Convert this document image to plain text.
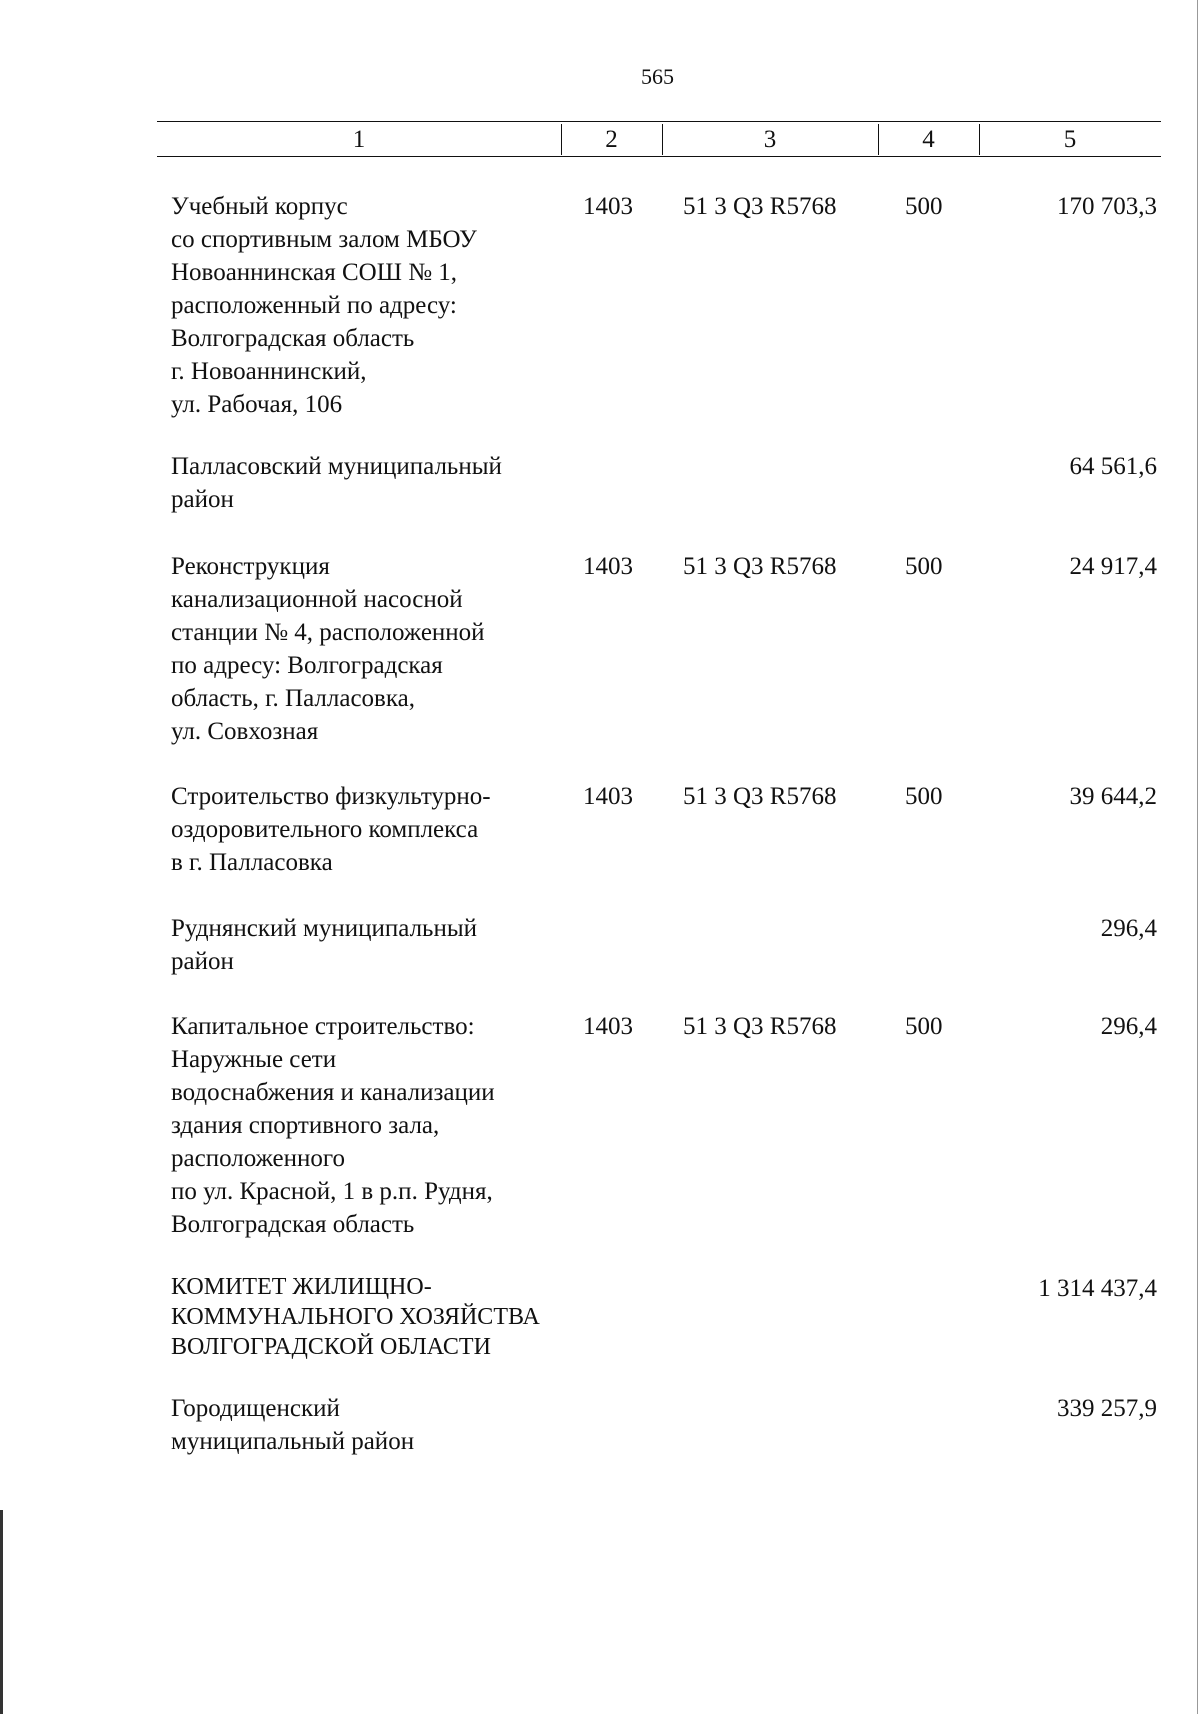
565
1	2	3	4	5
Учебный корпус
со спортивным залом МБОУ
Новоаннинская СОШ № 1,
расположенный по адресу:
Волгоградская область
г. Новоаннинский,
ул. Рабочая, 106
1403	51 3 Q3 R5768	500	170 703,3
Палласовский муниципальный
район
64 561,6
Реконструкция
канализационной насосной
станции № 4, расположенной
по адресу: Волгоградская
область, г. Палласовка,
ул. Совхозная
1403	51 3 Q3 R5768	500	24 917,4
Строительство физкультурно-
оздоровительного комплекса
в г. Палласовка
1403	51 3 Q3 R5768	500	39 644,2
Руднянский муниципальный
район
296,4
Капитальное строительство:
Наружные сети
водоснабжения и канализации
здания спортивного зала,
расположенного
по ул. Красной, 1 в р.п. Рудня,
Волгоградская область
1403	51 3 Q3 R5768	500	296,4
КОМИТЕТ ЖИЛИЩНО-
КОММУНАЛЬНОГО ХОЗЯЙСТВА
ВОЛГОГРАДСКОЙ ОБЛАСТИ
1 314 437,4
Городищенский
муниципальный район
339 257,9
